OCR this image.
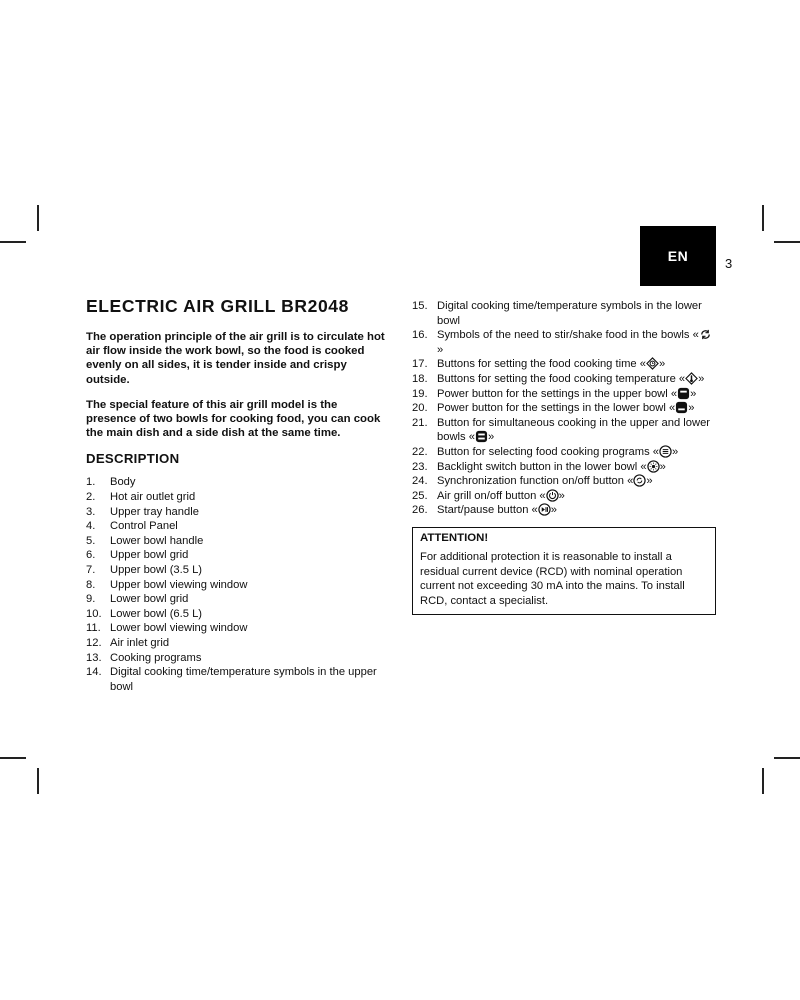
EN	3
ELECTRIC AIR GRILL BR2048

The operation principle of the air grill is to circulate hot air flow inside the work bowl, so the food is cooked evenly on all sides, it is tender inside and crispy outside.

The special feature of this air grill model is the presence of two bowls for cooking food, you can cook the main dish and a side dish at the same time.

DESCRIPTION
1.	Body
2.	Hot air outlet grid
3.	Upper tray handle
4.	Control Panel
5.	Lower bowl handle
6.	Upper bowl grid
7.	Upper bowl (3.5 L)
8.	Upper bowl viewing window
9.	Lower bowl grid
10. Lower bowl (6.5 L)
11. Lower bowl viewing window
12. Air inlet grid
13. Cooking programs
14. Digital cooking time/temperature symbols in the upper bowl
15. Digital cooking time/temperature symbols in the lower bowl
16. Symbols of the need to stir/shake food in the bowls «
»
17. Buttons for setting the food cooking time « »
18. Buttons for setting the food cooking temperature « »
19. Power button for the settings in the upper bowl « »
20. Power button for the settings in the lower bowl « »
21. Button for simultaneous cooking in the upper and lower bowls « »
22. Button for selecting food cooking programs « »
23. Backlight switch button in the lower bowl « »
24. Synchronization function on/off button « »
25. Air grill on/off button « »
26. Start/pause button « »
ATTENTION!

For additional protection it is reasonable to install a residual current device (RCD) with nominal operation current not exceeding 30 mA into the mains. To install RCD, contact a specialist.
